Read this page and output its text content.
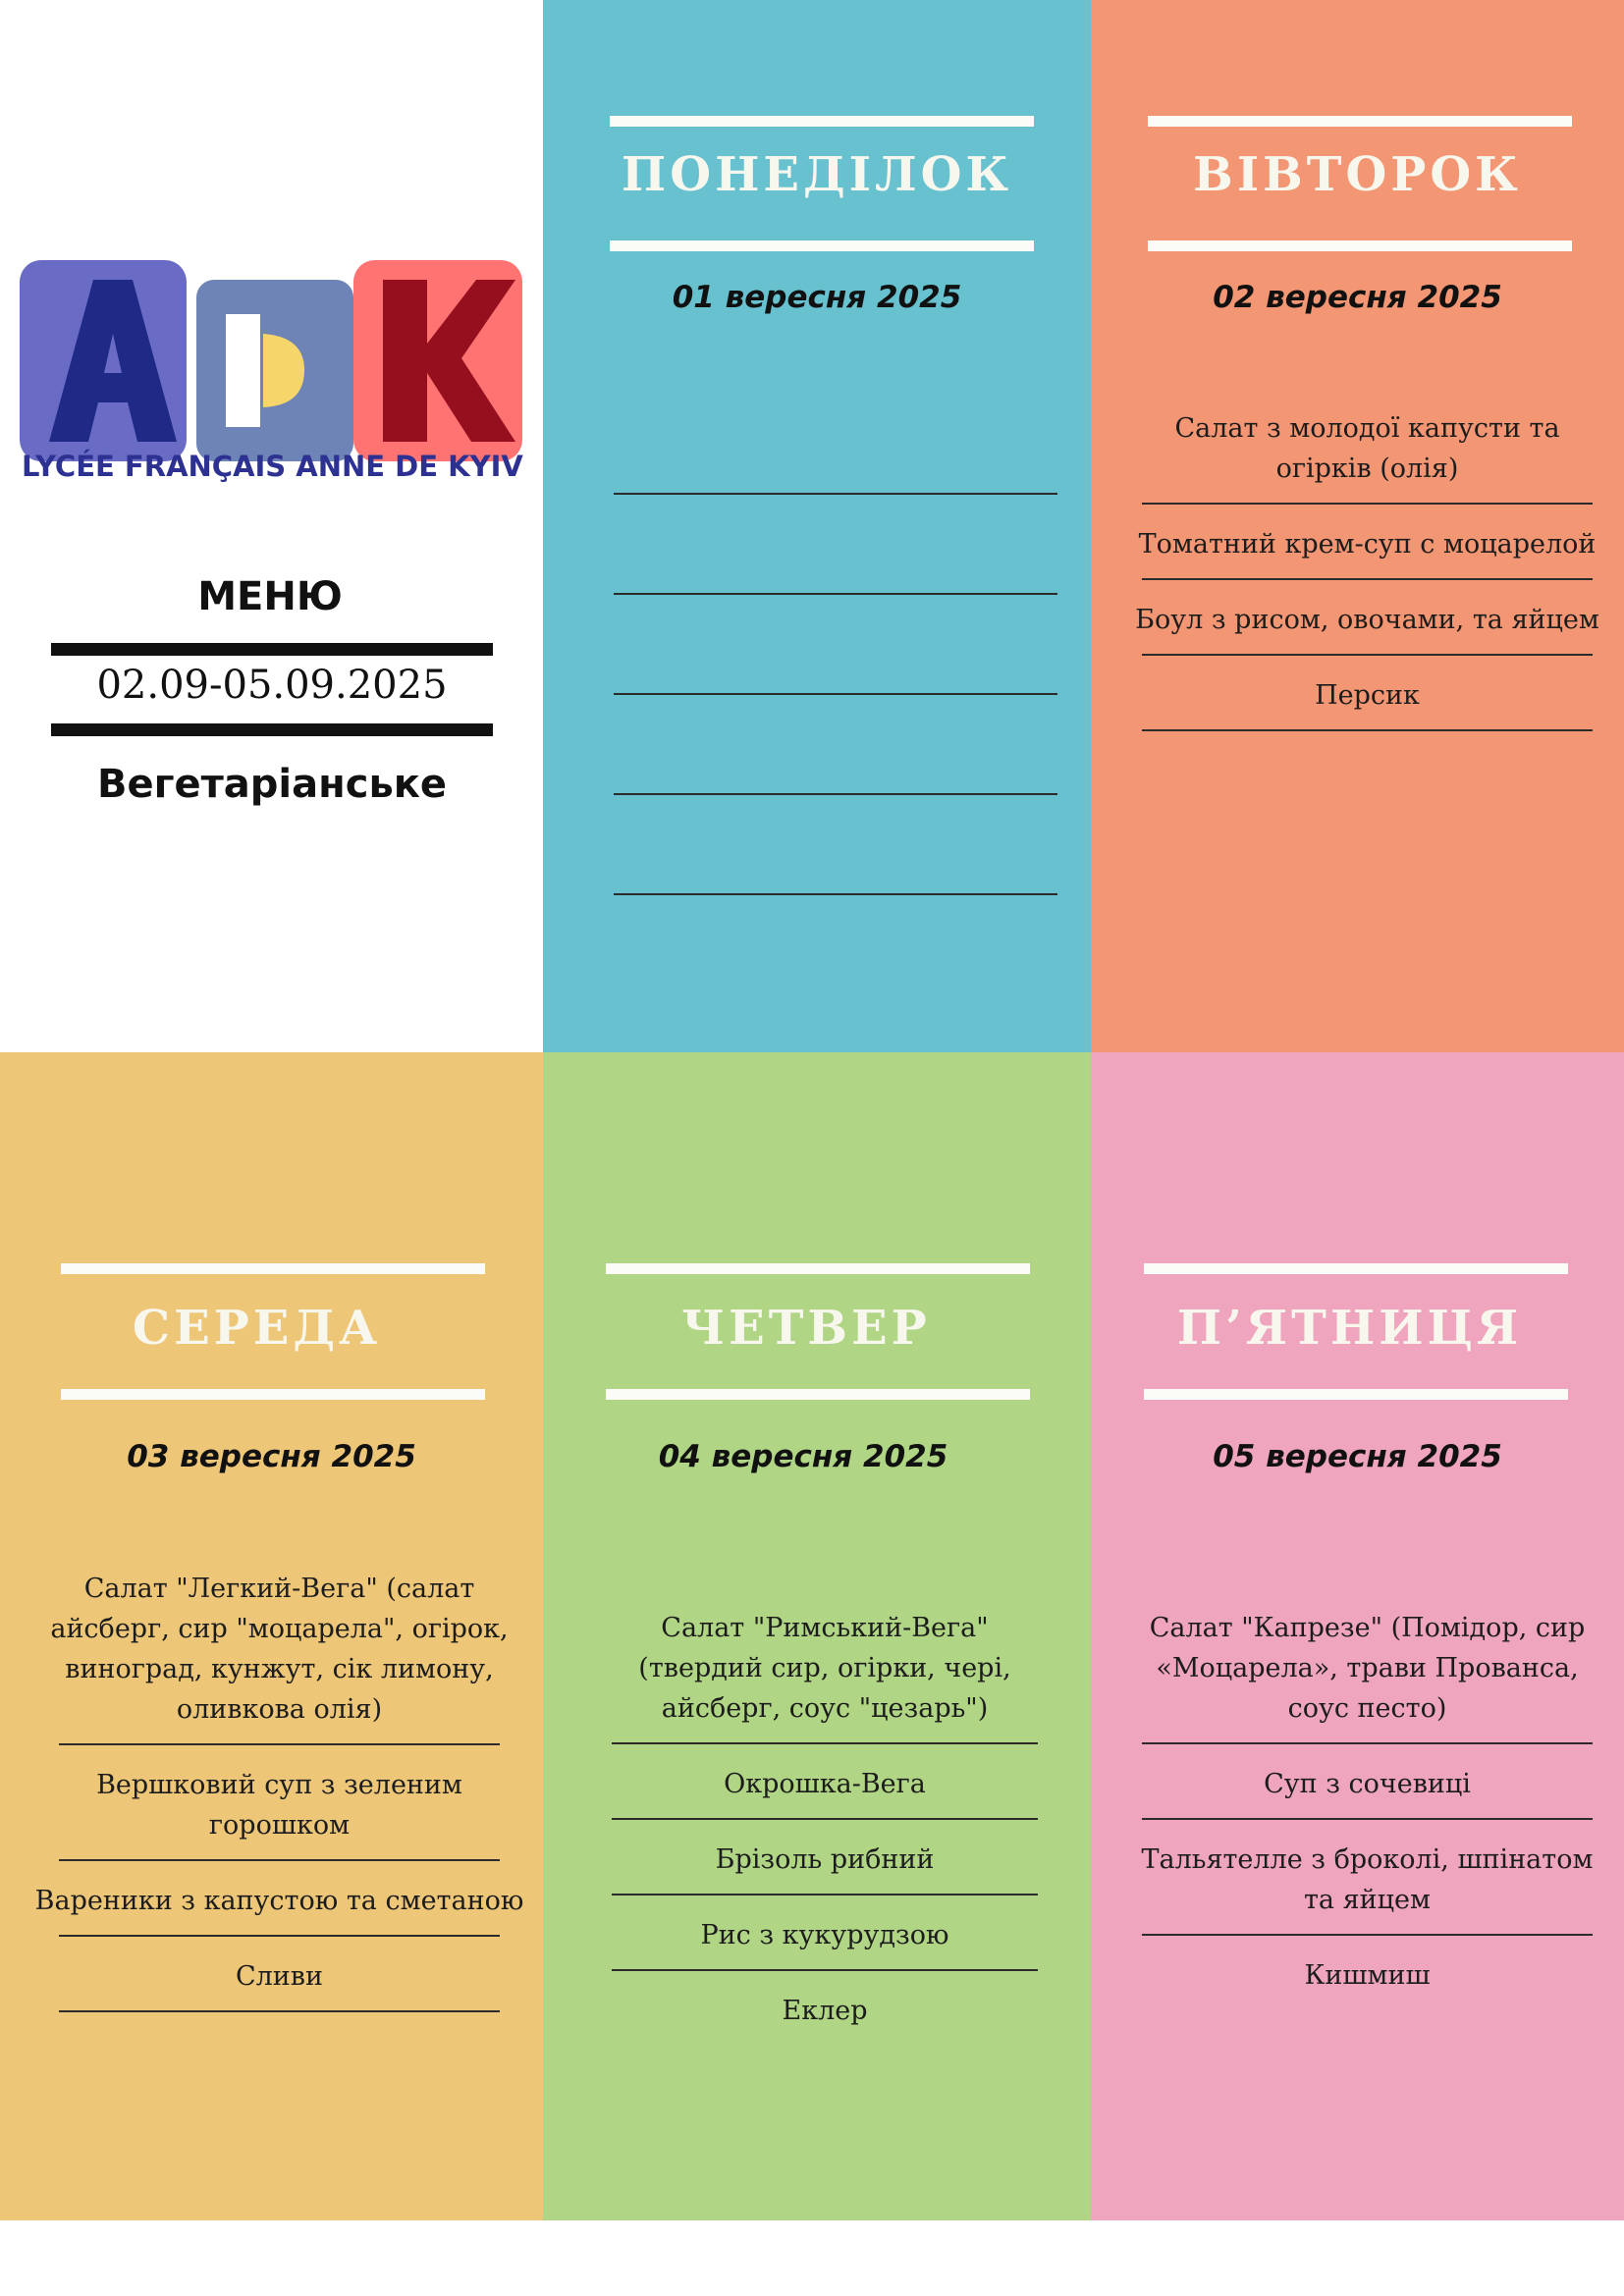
LYCÉE FRANÇAIS ANNE DE KYIV
МЕНЮ
02.09-05.09.2025
Вегетаріанське
ПОНЕДІЛОК
01 вересня 2025
ВІВТОРОК
02 вересня 2025
Салат з молодої капусти та огірків (олія)
Томатний крем-суп с моцарелой
Боул з рисом, овочами, та яйцем
Персик
СЕРЕДА
03 вересня 2025
Салат "Легкий-Вега" (салат айсберг, сир "моцарела", огірок, виноград, кунжут, сік лимону, оливкова олія)
Вершковий суп з зеленим горошком
Вареники з капустою та сметаною
Сливи
ЧЕТВЕР
04 вересня 2025
Салат "Римський-Вега" (твердий сир, огірки, чері, айсберг, соус "цезарь")
Окрошка-Вега
Брізоль рибний
Рис з кукурудзою
Еклер
П’ЯТНИЦЯ
05 вересня 2025
Салат "Капрезе" (Помідор, сир «Моцарела», трави Прованса, соус песто)
Суп з сочевиці
Тальятелле з броколі, шпінатом та яйцем
Кишмиш
